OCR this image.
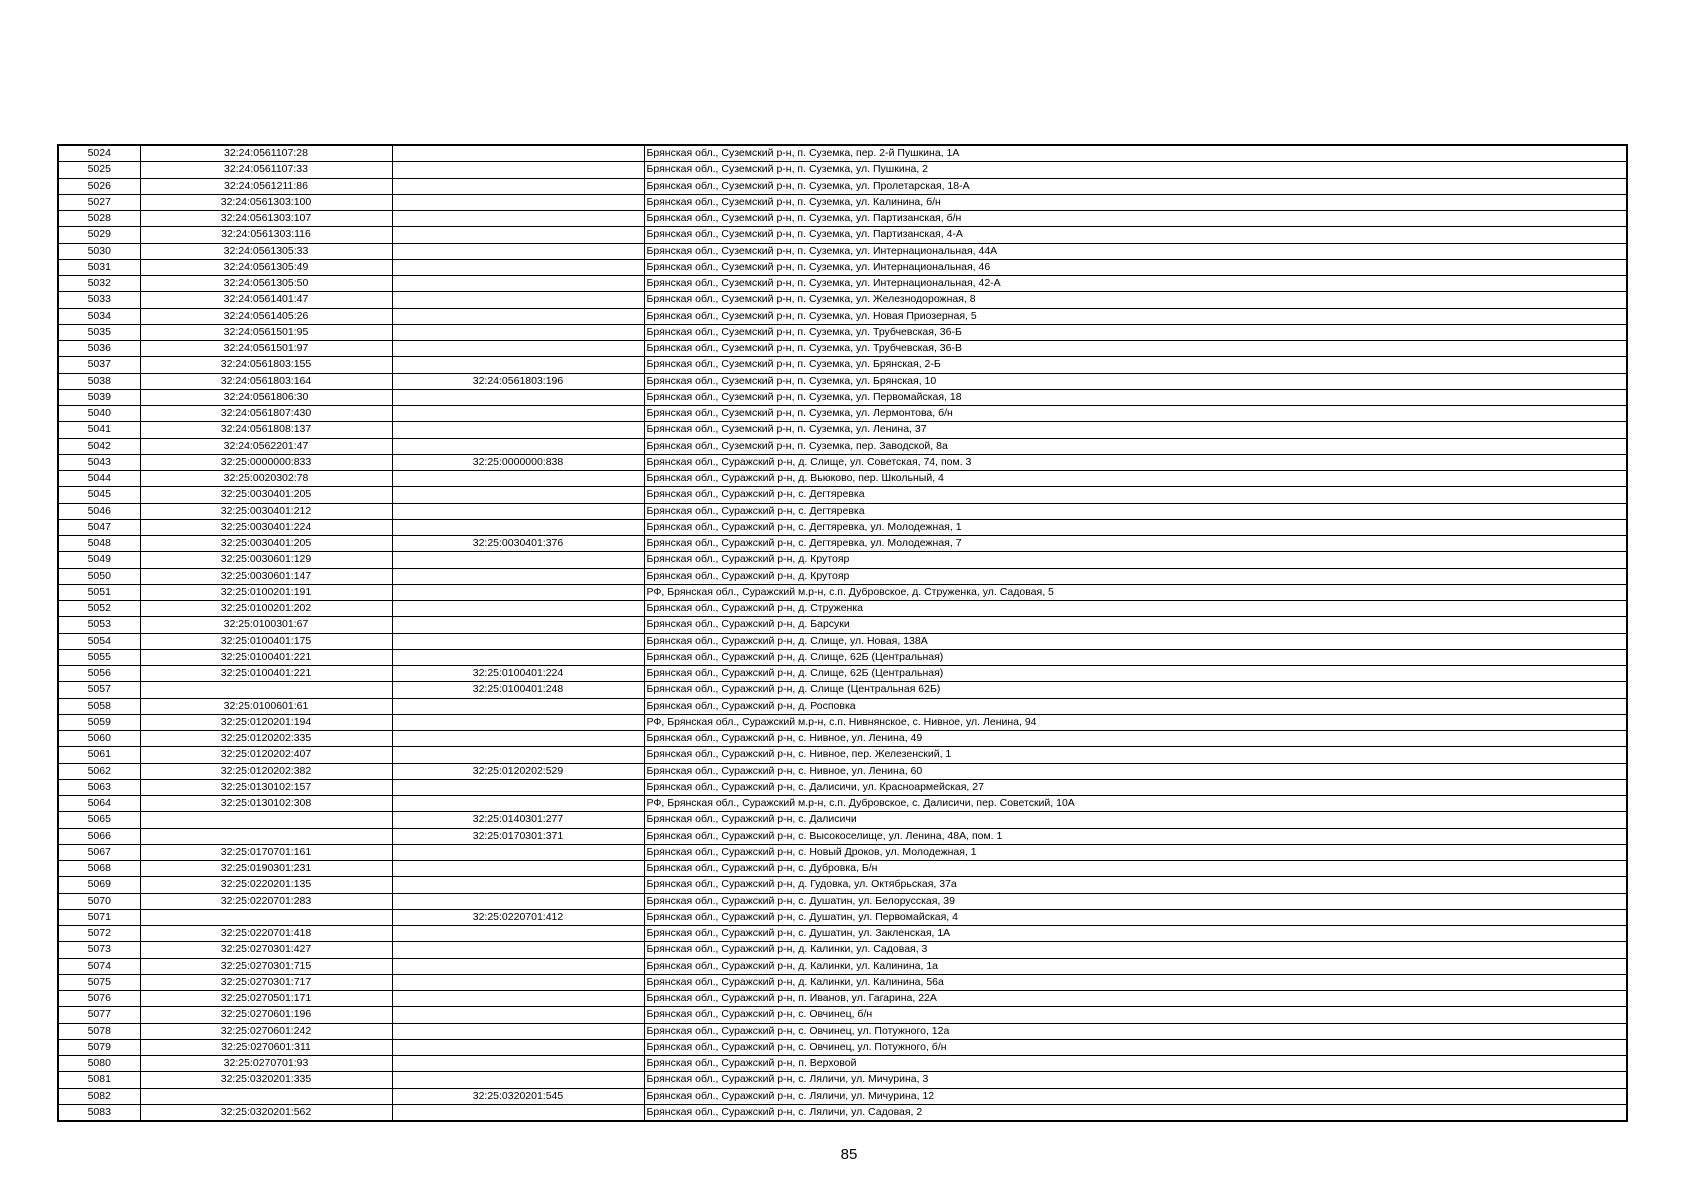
5024	32:24:0561107:28		Брянская обл., Суземский р-н, п. Суземка, пер. 2-й Пушкина, 1А
5025	32:24:0561107:33		Брянская обл., Суземский р-н, п. Суземка, ул. Пушкина, 2
5026	32:24:0561211:86		Брянская обл., Суземский р-н, п. Суземка, ул. Пролетарская, 18-А
5027	32:24:0561303:100		Брянская обл., Суземский р-н, п. Суземка, ул. Калинина, б/н
5028	32:24:0561303:107		Брянская обл., Суземский р-н, п. Суземка, ул. Партизанская, б/н
5029	32:24:0561303:116		Брянская обл., Суземский р-н, п. Суземка, ул. Партизанская, 4-А
5030	32:24:0561305:33		Брянская обл., Суземский р-н, п. Суземка, ул. Интернациональная, 44А
5031	32:24:0561305:49		Брянская обл., Суземский р-н, п. Суземка, ул. Интернациональная, 46
5032	32:24:0561305:50		Брянская обл., Суземский р-н, п. Суземка, ул. Интернациональная, 42-А
5033	32:24:0561401:47		Брянская обл., Суземский р-н, п. Суземка, ул. Железнодорожная, 8
5034	32:24:0561405:26		Брянская обл., Суземский р-н, п. Суземка, ул. Новая Приозерная, 5
5035	32:24:0561501:95		Брянская обл., Суземский р-н, п. Суземка, ул. Трубчевская, 36-Б
5036	32:24:0561501:97		Брянская обл., Суземский р-н, п. Суземка, ул. Трубчевская, 36-В
5037	32:24:0561803:155		Брянская обл., Суземский р-н, п. Суземка, ул. Брянская, 2-Б
5038	32:24:0561803:164	32:24:0561803:196	Брянская обл., Суземский р-н, п. Суземка, ул. Брянская, 10
5039	32:24:0561806:30		Брянская обл., Суземский р-н, п. Суземка, ул. Первомайская, 18
5040	32:24:0561807:430		Брянская обл., Суземский р-н, п. Суземка, ул. Лермонтова, б/н
5041	32:24:0561808:137		Брянская обл., Суземский р-н, п. Суземка, ул. Ленина, 37
5042	32:24:0562201:47		Брянская обл., Суземский р-н, п. Суземка, пер. Заводской, 8а
5043	32:25:0000000:833	32:25:0000000:838	Брянская обл., Суражский р-н, д. Слище, ул. Советская, 74, пом. 3
5044	32:25:0020302:78		Брянская обл., Суражский р-н, д. Вьюково, пер. Школьный, 4
5045	32:25:0030401:205		Брянская обл., Суражский р-н, с. Дегтяревка
5046	32:25:0030401:212		Брянская обл., Суражский р-н, с. Дегтяревка
5047	32:25:0030401:224		Брянская обл., Суражский р-н, с. Дегтяревка, ул. Молодежная, 1
5048	32:25:0030401:205	32:25:0030401:376	Брянская обл., Суражский р-н, с. Дегтяревка, ул. Молодежная, 7
5049	32:25:0030601:129		Брянская обл., Суражский р-н, д. Крутояр
5050	32:25:0030601:147		Брянская обл., Суражский р-н, д. Крутояр
5051	32:25:0100201:191		РФ, Брянская обл., Суражский м.р-н, с.п. Дубровское, д. Струженка, ул. Садовая, 5
5052	32:25:0100201:202		Брянская обл., Суражский р-н, д. Струженка
5053	32:25:0100301:67		Брянская обл., Суражский р-н, д. Барсуки
5054	32:25:0100401:175		Брянская обл., Суражский р-н, д. Слище, ул. Новая, 138А
5055	32:25:0100401:221		Брянская обл., Суражский р-н, д. Слище, 62Б (Центральная)
5056	32:25:0100401:221	32:25:0100401:224	Брянская обл., Суражский р-н, д. Слище, 62Б (Центральная)
5057		32:25:0100401:248	Брянская обл., Суражский р-н, д. Слище (Центральная 62Б)
5058	32:25:0100601:61		Брянская обл., Суражский р-н, д. Росповка
5059	32:25:0120201:194		РФ, Брянская обл., Суражский м.р-н, с.п. Нивнянское, с. Нивное, ул. Ленина, 94
5060	32:25:0120202:335		Брянская обл., Суражский р-н, с. Нивное, ул. Ленина, 49
5061	32:25:0120202:407		Брянская обл., Суражский р-н, с. Нивное, пер. Железенский, 1
5062	32:25:0120202:382	32:25:0120202:529	Брянская обл., Суражский р-н, с. Нивное, ул. Ленина, 60
5063	32:25:0130102:157		Брянская обл., Суражский р-н, с. Далисичи, ул. Красноармейская, 27
5064	32:25:0130102:308		РФ, Брянская обл., Суражский м.р-н, с.п. Дубровское, с. Далисичи, пер. Советский, 10А
5065		32:25:0140301:277	Брянская обл., Суражский р-н, с. Далисичи
5066		32:25:0170301:371	Брянская обл., Суражский р-н, с. Высокоселище, ул. Ленина, 48А, пом. 1
5067	32:25:0170701:161		Брянская обл., Суражский р-н, с. Новый Дроков, ул. Молодежная, 1
5068	32:25:0190301:231		Брянская обл., Суражский р-н, с. Дубровка, Б/н
5069	32:25:0220201:135		Брянская обл., Суражский р-н, д. Гудовка, ул. Октябрьская, 37а
5070	32:25:0220701:283		Брянская обл., Суражский р-н, с. Душатин, ул. Белорусская, 39
5071		32:25:0220701:412	Брянская обл., Суражский р-н, с. Душатин, ул. Первомайская, 4
5072	32:25:0220701:418		Брянская обл., Суражский р-н, с. Душатин, ул. Закленская, 1А
5073	32:25:0270301:427		Брянская обл., Суражский р-н, д. Калинки, ул. Садовая, 3
5074	32:25:0270301:715		Брянская обл., Суражский р-н, д. Калинки, ул. Калинина, 1а
5075	32:25:0270301:717		Брянская обл., Суражский р-н, д. Калинки, ул. Калинина, 56а
5076	32:25:0270501:171		Брянская обл., Суражский р-н, п. Иванов, ул. Гагарина, 22А
5077	32:25:0270601:196		Брянская обл., Суражский р-н, с. Овчинец, б/н
5078	32:25:0270601:242		Брянская обл., Суражский р-н, с. Овчинец, ул. Потужного, 12а
5079	32:25:0270601:311		Брянская обл., Суражский р-н, с. Овчинец, ул. Потужного, б/н
5080	32:25:0270701:93		Брянская обл., Суражский р-н, п. Верховой
5081	32:25:0320201:335		Брянская обл., Суражский р-н, с. Ляличи, ул. Мичурина, 3
5082		32:25:0320201:545	Брянская обл., Суражский р-н, с. Ляличи, ул. Мичурина, 12
5083	32:25:0320201:562		Брянская обл., Суражский р-н, с. Ляличи, ул. Садовая, 2
85
